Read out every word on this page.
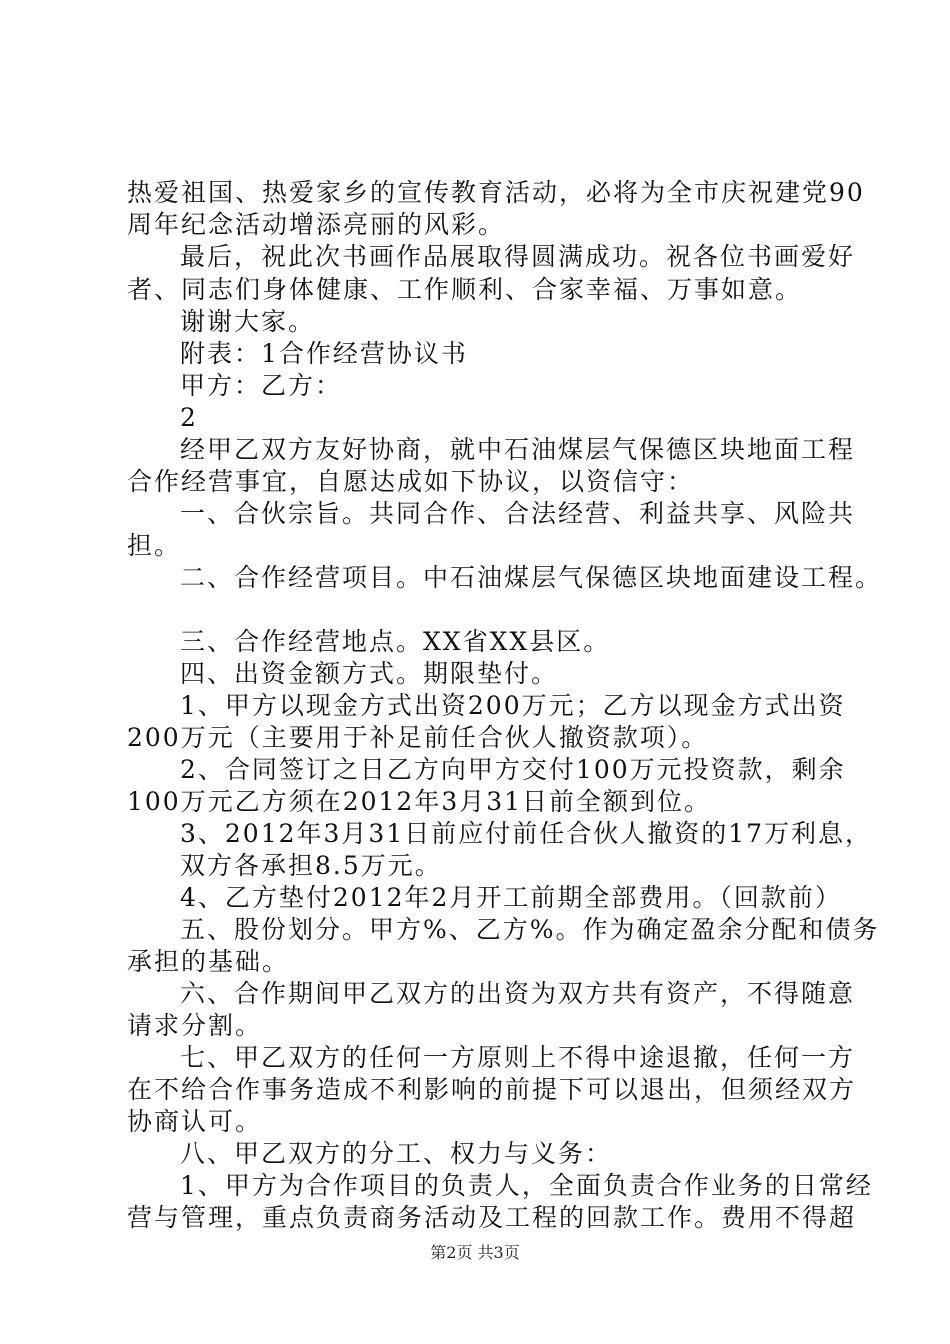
热爱祖国、热爱家乡的宣传教育活动，必将为全市庆祝建党90
周年纪念活动增添亮丽的风彩。
最后，祝此次书画作品展取得圆满成功。祝各位书画爱好
者、同志们身体健康、工作顺利、合家幸福、万事如意。
谢谢大家。
附表：1合作经营协议书
甲方：乙方：
2
经甲乙双方友好协商，就中石油煤层气保德区块地面工程
合作经营事宜，自愿达成如下协议，以资信守：
一、合伙宗旨。共同合作、合法经营、利益共享、风险共
担。
二、合作经营项目。中石油煤层气保德区块地面建设工程。
三、合作经营地点。XX省XX县区。
四、出资金额方式。期限垫付。
1、甲方以现金方式出资200万元；乙方以现金方式出资
200万元（主要用于补足前任合伙人撤资款项）。
2、合同签订之日乙方向甲方交付100万元投资款，剩余
100万元乙方须在2012年3月31日前全额到位。
3、2012年3月31日前应付前任合伙人撤资的17万利息，
双方各承担8.5万元。
4、乙方垫付2012年2月开工前期全部费用。（回款前）
五、股份划分。甲方%、乙方%。作为确定盈余分配和债务
承担的基础。
六、合作期间甲乙双方的出资为双方共有资产，不得随意
请求分割。
七、甲乙双方的任何一方原则上不得中途退撤，任何一方
在不给合作事务造成不利影响的前提下可以退出，但须经双方
协商认可。
八、甲乙双方的分工、权力与义务：
1、甲方为合作项目的负责人，全面负责合作业务的日常经
营与管理，重点负责商务活动及工程的回款工作。费用不得超
第2页 共3页
